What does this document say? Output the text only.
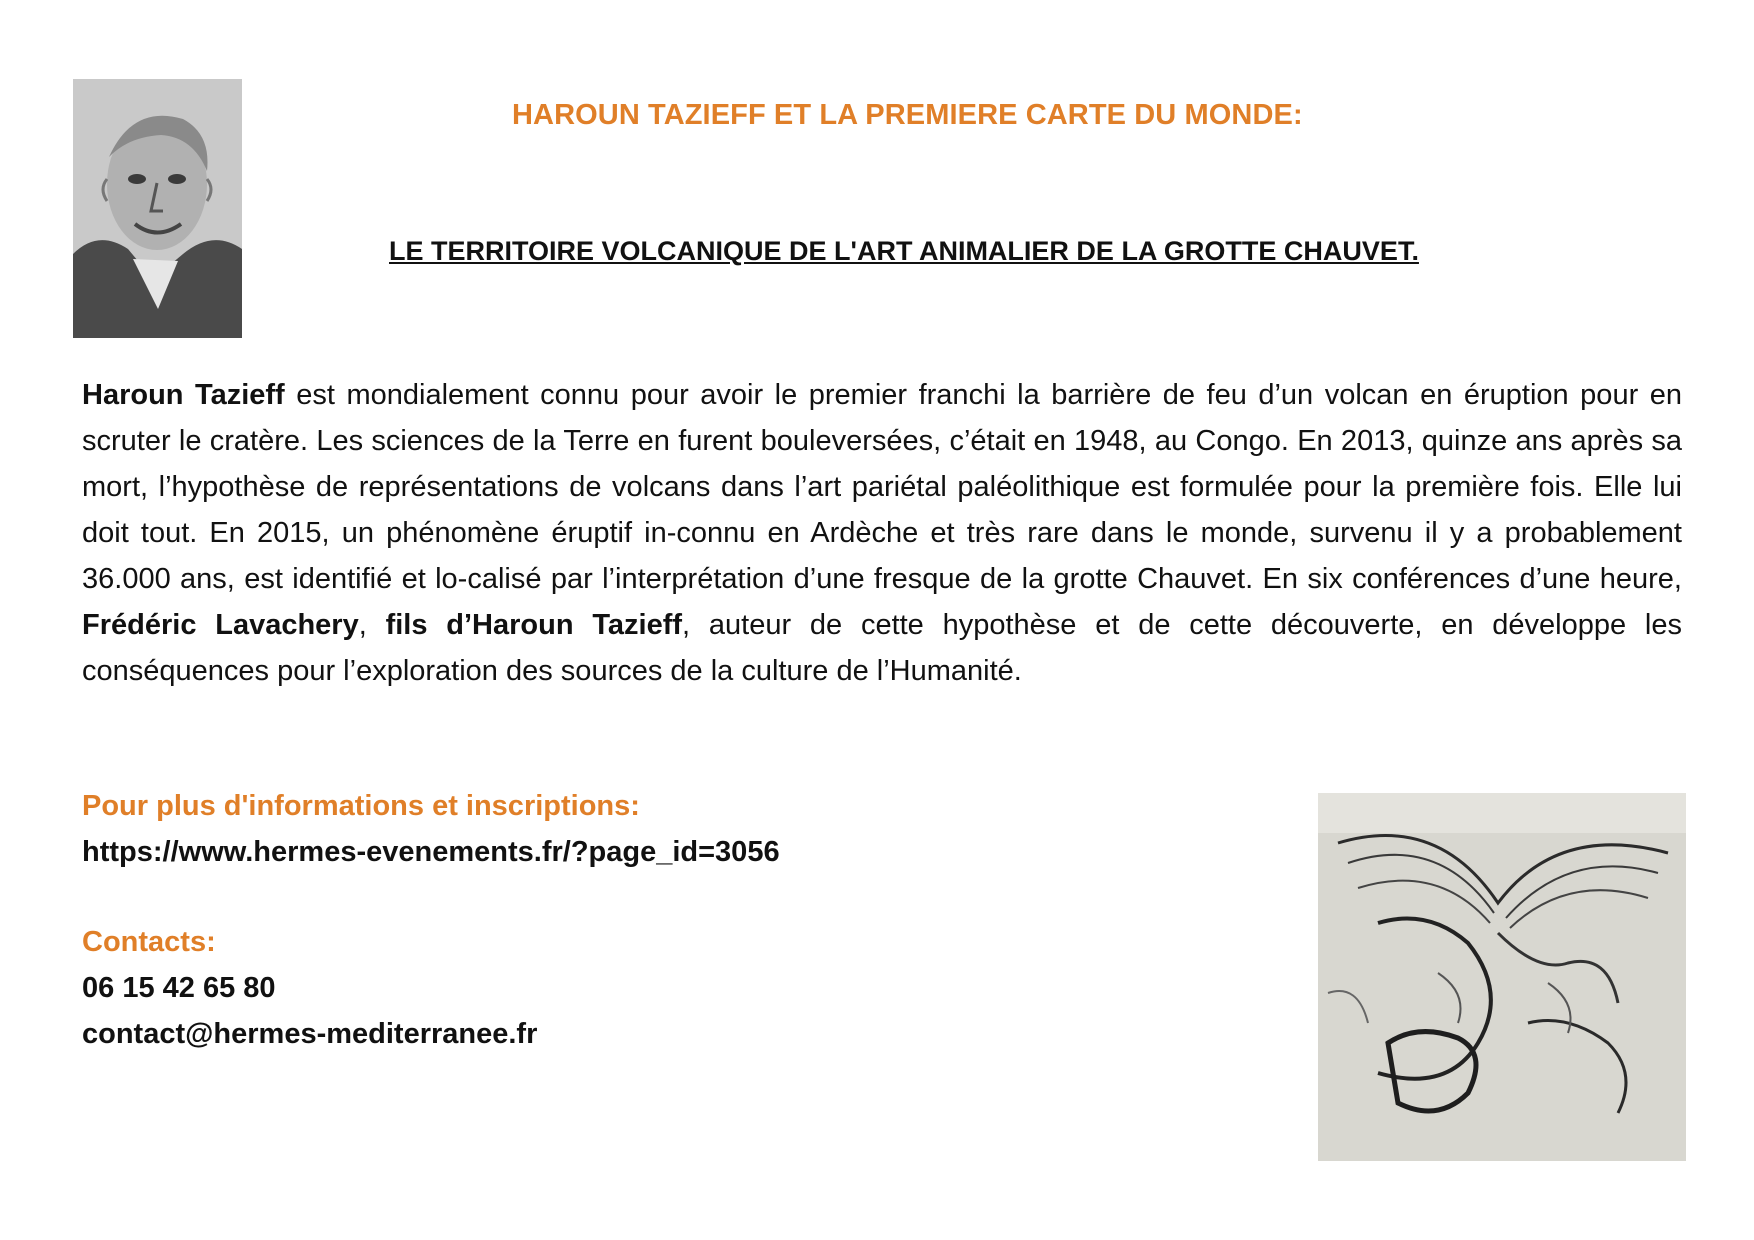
HAROUN TAZIEFF ET LA PREMIERE CARTE DU MONDE:
LE TERRITOIRE VOLCANIQUE DE L'ART ANIMALIER DE LA GROTTE CHAUVET.

Haroun Tazieff est mondialement connu pour avoir le premier franchi la barrière de feu d’un volcan en éruption pour en scruter le cratère. Les sciences de la Terre en furent bouleversées, c’était en 1948, au Congo. En 2013, quinze ans après sa mort, l’hypothèse de représentations de volcans dans l’art pariétal paléolithique est formulée pour la première fois. Elle lui doit tout. En 2015, un phénomène éruptif in-connu en Ardèche et très rare dans le monde, survenu il y a probablement 36.000 ans, est identifié et lo-calisé par l’interprétation d’une fresque de la grotte Chauvet. En six conférences d’une heure, Frédéric Lavachery, fils d’Haroun Tazieff, auteur de cette hypothèse et de cette découverte, en développe les conséquences pour l’exploration des sources de la culture de l’Humanité.

Pour plus d'informations et inscriptions:
https://www.hermes-evenements.fr/?page_id=3056
Contacts:
06 15 42 65 80
contact@hermes-mediterranee.fr
